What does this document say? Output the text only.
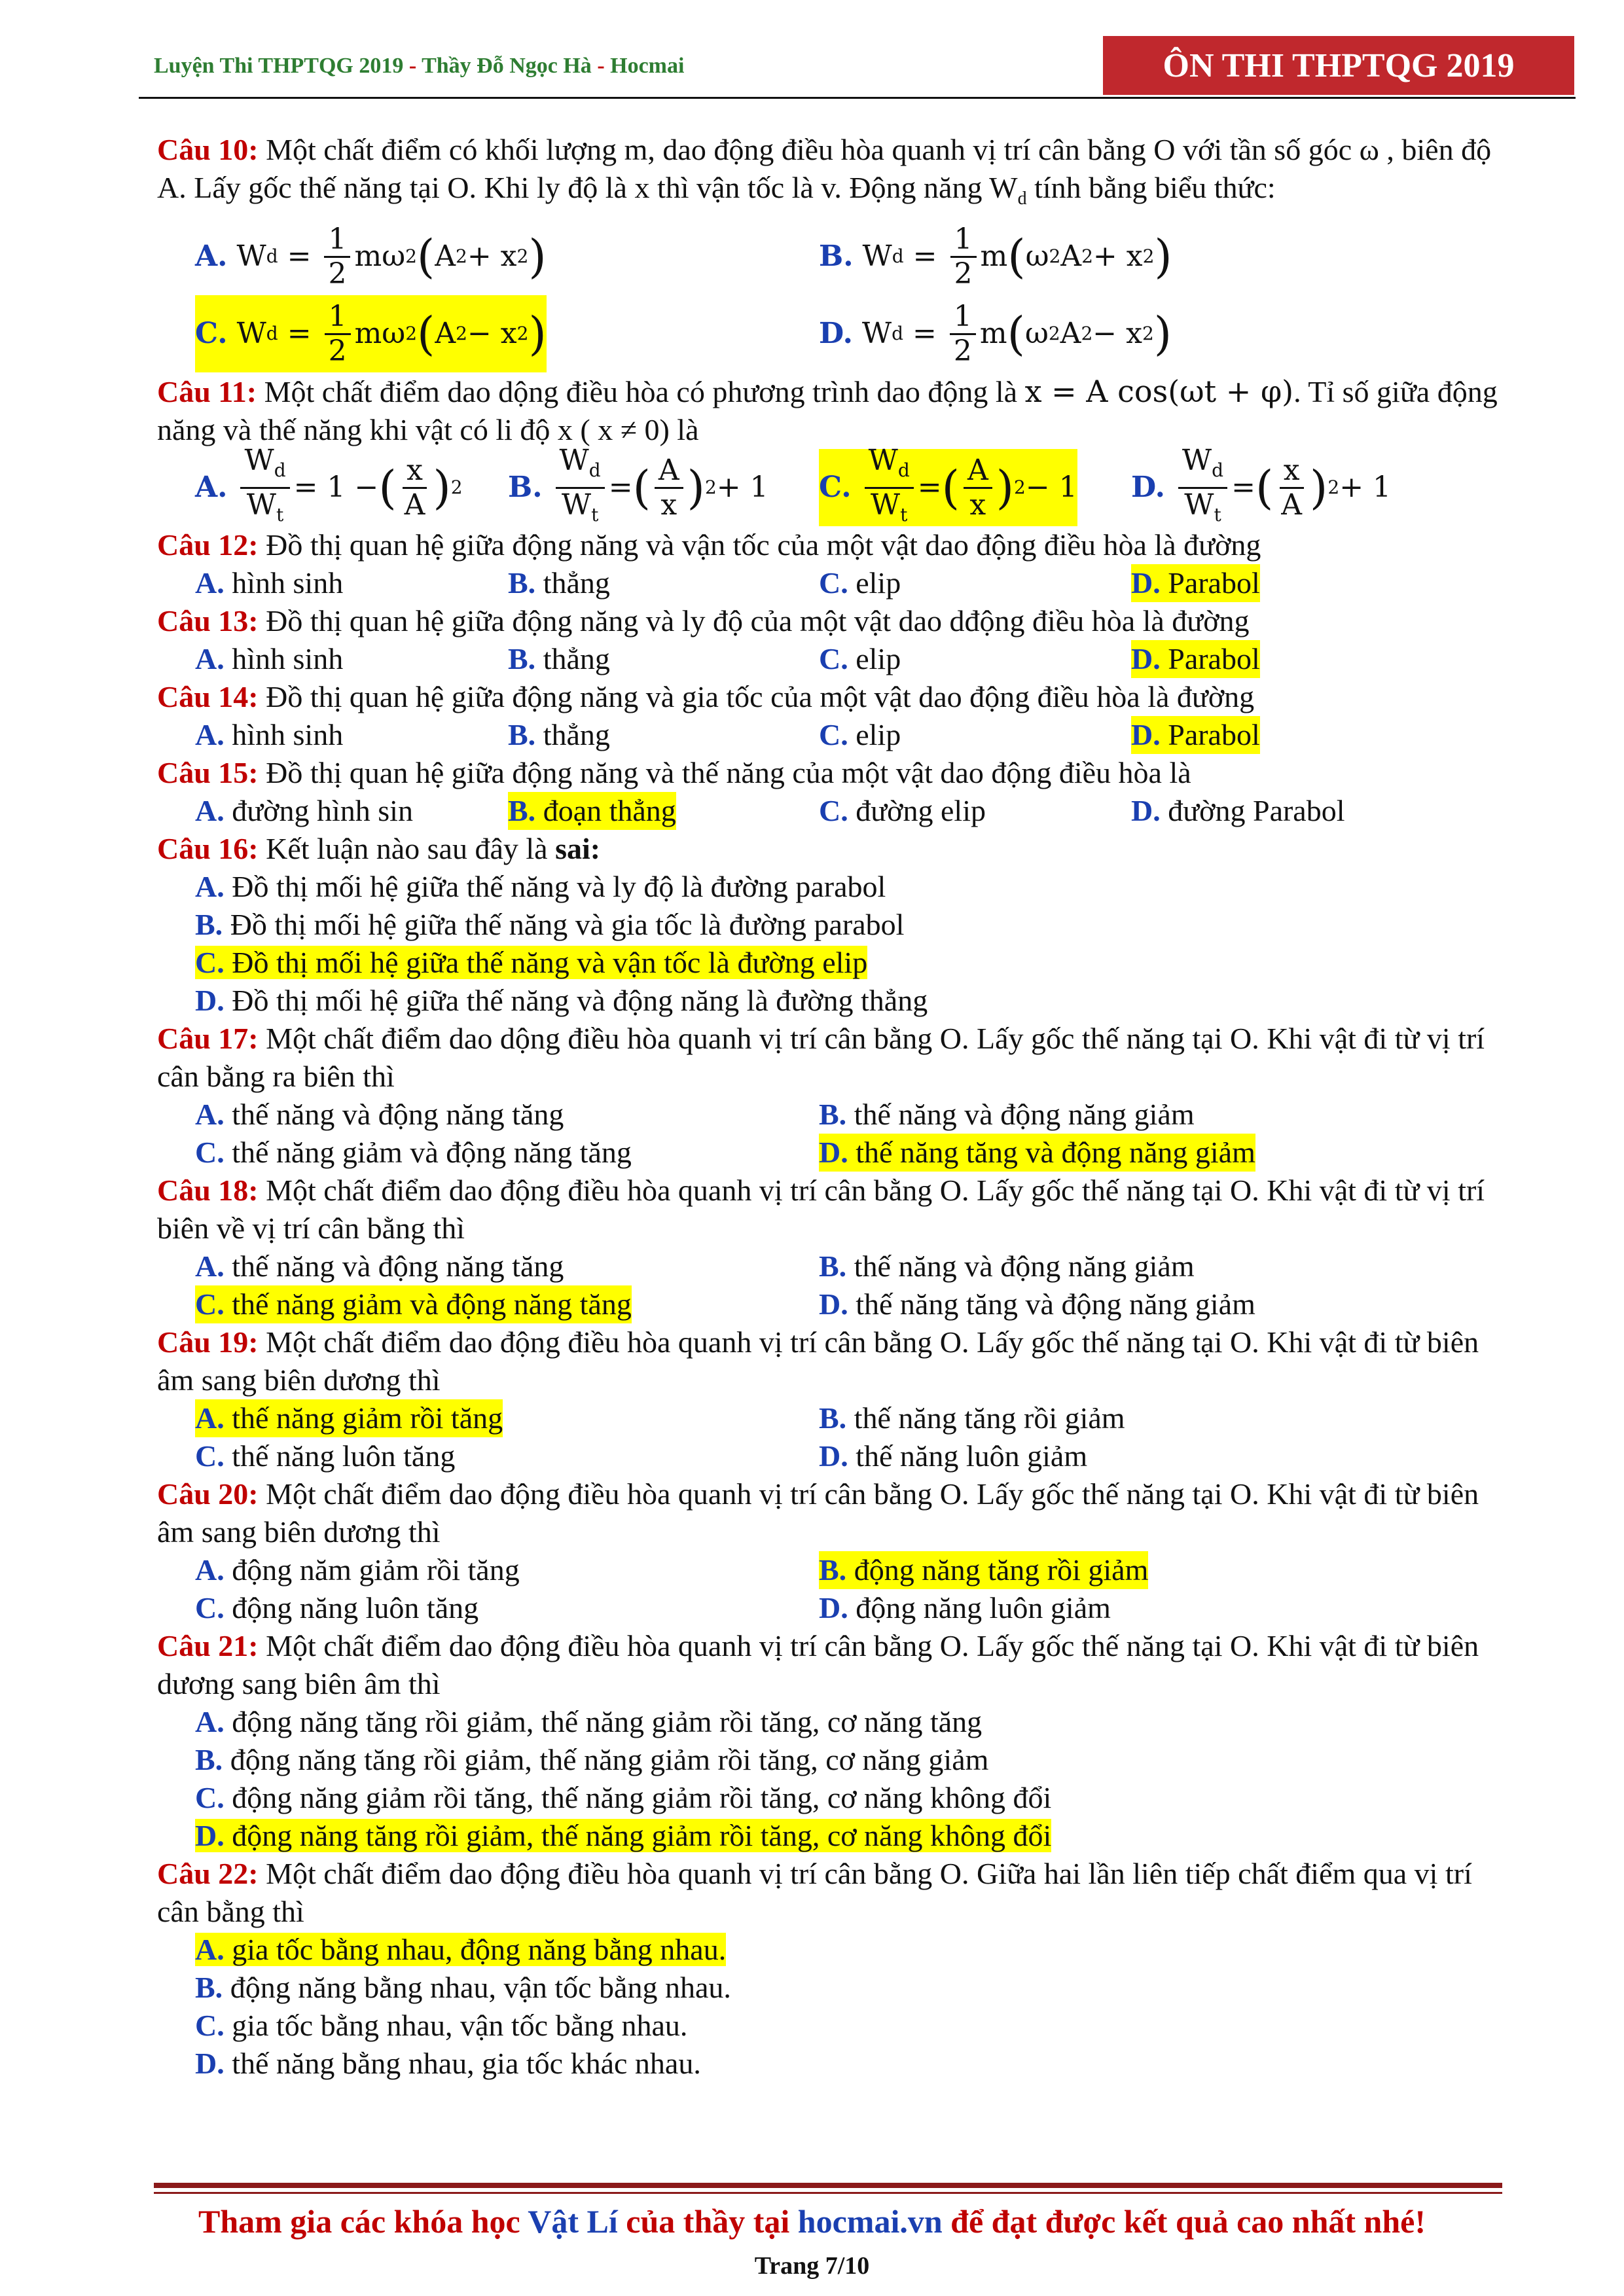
Luyện Thi THPTQG 2019 - Thầy Đỗ Ngọc Hà - Hocmai	ÔN THI THPTQG 2019

Câu 10: Một chất điểm có khối lượng m, dao động điều hòa quanh vị trí cân bằng O với tần số góc ω , biên độ A. Lấy gốc thế năng tại O. Khi ly độ là x thì vận tốc là v. Động năng $W_d$ tính bằng biểu thức:

A. W $d = \frac{1}{2}$ mω 2 ( A 2 + x 2 )	B. W $d = \frac{1}{2}$ m ( ω 2 A 2 + x 2 )
C. W $d = \frac{1}{2}$ mω 2 ( A 2 − x 2 )	D. W $d = \frac{1}{2}$ m ( ω 2 A 2 − x 2 )

Câu 11: Một chất điểm dao dộng điều hòa có phương trình dao động là x = A cos(ωt + φ). Tỉ số giữa động năng và thế năng khi vật có li độ x ( x ≠ 0) là

A.
$\frac{W_d}{W_t} = 1$ − ( $\frac{x}{A}$ ) 2 B.
$\frac{W_d}{W_t}$ = ( $\frac{A}{x}$ ) 2 + 1 C.
$\frac{W_d}{W_t}$ = ( $\frac{A}{x}$ ) 2 − 1 D.
$\frac{W_d}{W_t}$ = ( $\frac{x}{A}$ ) 2 + 1

Câu 12: Đồ thị quan hệ giữa động năng và vận tốc của một vật dao động điều hòa là đường

A. hình sinh	B. thẳng	C. elip	D. Parabol

Câu 13: Đồ thị quan hệ giữa động năng và ly độ của một vật dao dđộng điều hòa là đường

A. hình sinh	B. thẳng	C. elip	D. Parabol

Câu 14: Đồ thị quan hệ giữa động năng và gia tốc của một vật dao động điều hòa là đường

A. hình sinh	B. thẳng	C. elip	D. Parabol

Câu 15: Đồ thị quan hệ giữa động năng và thế năng của một vật dao động điều hòa là

A. đường hình sin	B. đoạn thẳng	C. đường elip	D. đường Parabol

Câu 16: Kết luận nào sau đây là sai:

A. Đồ thị mối hệ giữa thế năng và ly độ là đường parabol
B. Đồ thị mối hệ giữa thế năng và gia tốc là đường parabol
C. Đồ thị mối hệ giữa thế năng và vận tốc là đường elip
D. Đồ thị mối hệ giữa thế năng và động năng là đường thẳng

Câu 17: Một chất điểm dao dộng điều hòa quanh vị trí cân bằng O. Lấy gốc thế năng tại O. Khi vật đi từ vị trí cân bằng ra biên thì

A. thế năng và động năng tăng	B. thế năng và động năng giảm
C. thế năng giảm và động năng tăng	D. thế năng tăng và động năng giảm

Câu 18: Một chất điểm dao động điều hòa quanh vị trí cân bằng O. Lấy gốc thế năng tại O. Khi vật đi từ vị trí biên về vị trí cân bằng thì

A. thế năng và động năng tăng	B. thế năng và động năng giảm
C. thế năng giảm và động năng tăng	D. thế năng tăng và động năng giảm

Câu 19: Một chất điểm dao động điều hòa quanh vị trí cân bằng O. Lấy gốc thế năng tại O. Khi vật đi từ biên âm sang biên dương thì

A. thế năng giảm rồi tăng	B. thế năng tăng rồi giảm
C. thế năng luôn tăng	D. thế năng luôn giảm

Câu 20: Một chất điểm dao động điều hòa quanh vị trí cân bằng O. Lấy gốc thế năng tại O. Khi vật đi từ biên âm sang biên dương thì

A. động năm giảm rồi tăng	B. động năng tăng rồi giảm
C. động năng luôn tăng	D. động năng luôn giảm

Câu 21: Một chất điểm dao động điều hòa quanh vị trí cân bằng O. Lấy gốc thế năng tại O. Khi vật đi từ biên dương sang biên âm thì

A. động năng tăng rồi giảm, thế năng giảm rồi tăng, cơ năng tăng
B. động năng tăng rồi giảm, thế năng giảm rồi tăng, cơ năng giảm
C. động năng giảm rồi tăng, thế năng giảm rồi tăng, cơ năng không đổi
D. động năng tăng rồi giảm, thế năng giảm rồi tăng, cơ năng không đổi

Câu 22: Một chất điểm dao động điều hòa quanh vị trí cân bằng O. Giữa hai lần liên tiếp chất điểm qua vị trí cân bằng thì

A. gia tốc bằng nhau, động năng bằng nhau.
B. động năng bằng nhau, vận tốc bằng nhau.
C. gia tốc bằng nhau, vận tốc bằng nhau.
D. thế năng bằng nhau, gia tốc khác nhau.
Tham gia các khóa học Vật Lí của thầy tại hocmai.vn để đạt được kết quả cao nhất nhé!
Trang 7/10
